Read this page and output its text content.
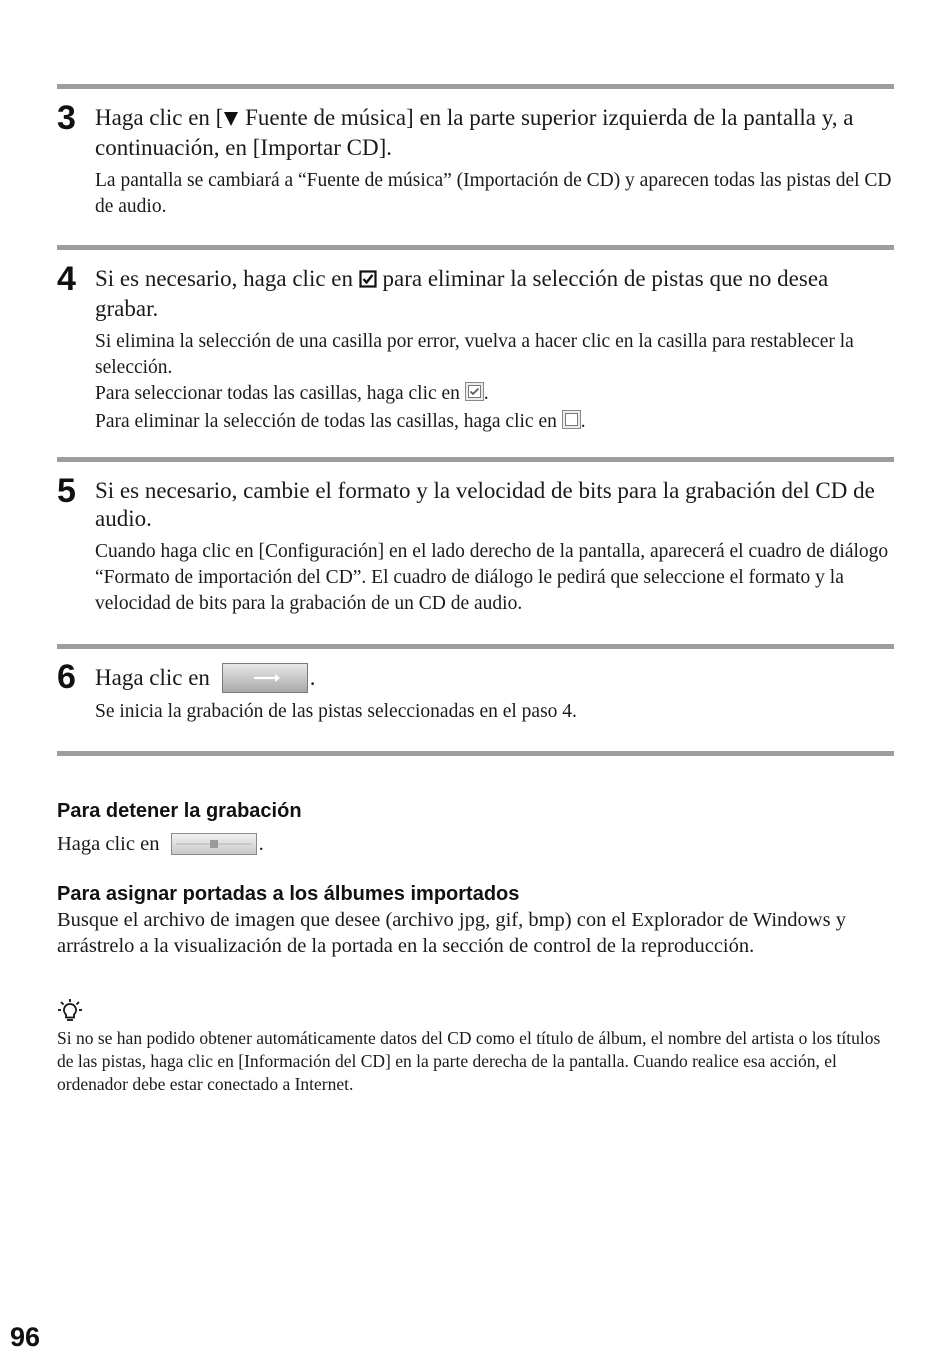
3 Haga clic en [ Fuente de música] en la parte superior izquierda de la pantalla y, a continuación, en [Importar CD].
La pantalla se cambiará a “Fuente de música” (Importación de CD) y aparecen todas las pistas del CD de audio.
4 Si es necesario, haga clic en  para eliminar la selección de pistas que no desea grabar.
Si elimina la selección de una casilla por error, vuelva a hacer clic en la casilla para restablecer la selección.
Para seleccionar todas las casillas, haga clic en .
Para eliminar la selección de todas las casillas, haga clic en .
5 Si es necesario, cambie el formato y la velocidad de bits para la grabación del CD de audio.
Cuando haga clic en [Configuración] en el lado derecho de la pantalla, aparecerá el cuadro de diálogo “Formato de importación del CD”. El cuadro de diálogo le pedirá que seleccione el formato y la velocidad de bits para la grabación de un CD de audio.
6 Haga clic en	.
Se inicia la grabación de las pistas seleccionadas en el paso 4.
Para detener la grabación
Haga clic en	.
Para asignar portadas a los álbumes importados
Busque el archivo de imagen que desee (archivo jpg, gif, bmp) con el Explorador de Windows y arrástrelo a la visualización de la portada en la sección de control de la reproducción.
Si no se han podido obtener automáticamente datos del CD como el título de álbum, el nombre del artista o los títulos de las pistas, haga clic en [Información del CD] en la parte derecha de la pantalla. Cuando realice esa acción, el ordenador debe estar conectado a Internet.
96
